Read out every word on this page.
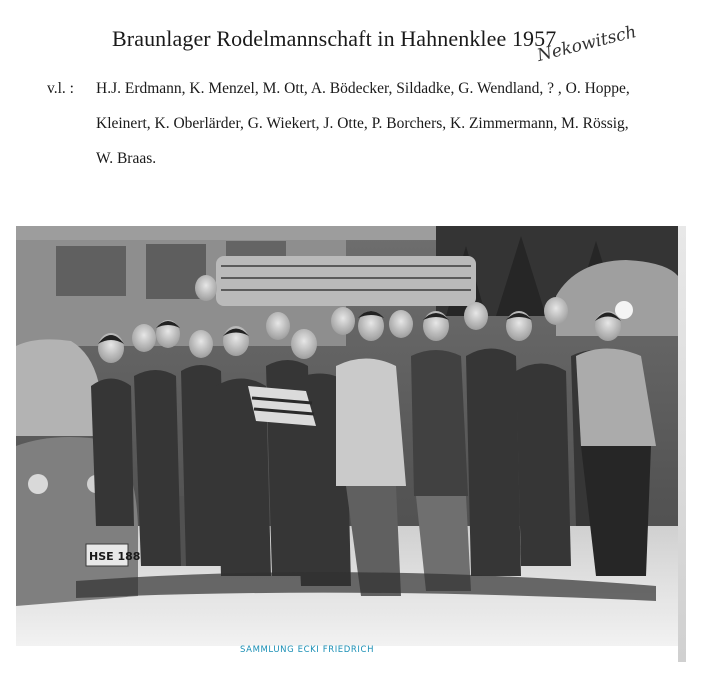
Braunlager Rodelmannschaft in Hahnenklee 1957
Nekowitsch
v.l. : H.J. Erdmann, K. Menzel, M. Ott, A. Bödecker, Sildadke, G. Wendland, ? , O. Hoppe,
Kleinert, K. Oberlärder, G. Wiekert, J. Otte, P. Borchers, K. Zimmermann, M. Rössig,
W. Braas.
HSE 188
SAMMLUNG ECKI FRIEDRICH
